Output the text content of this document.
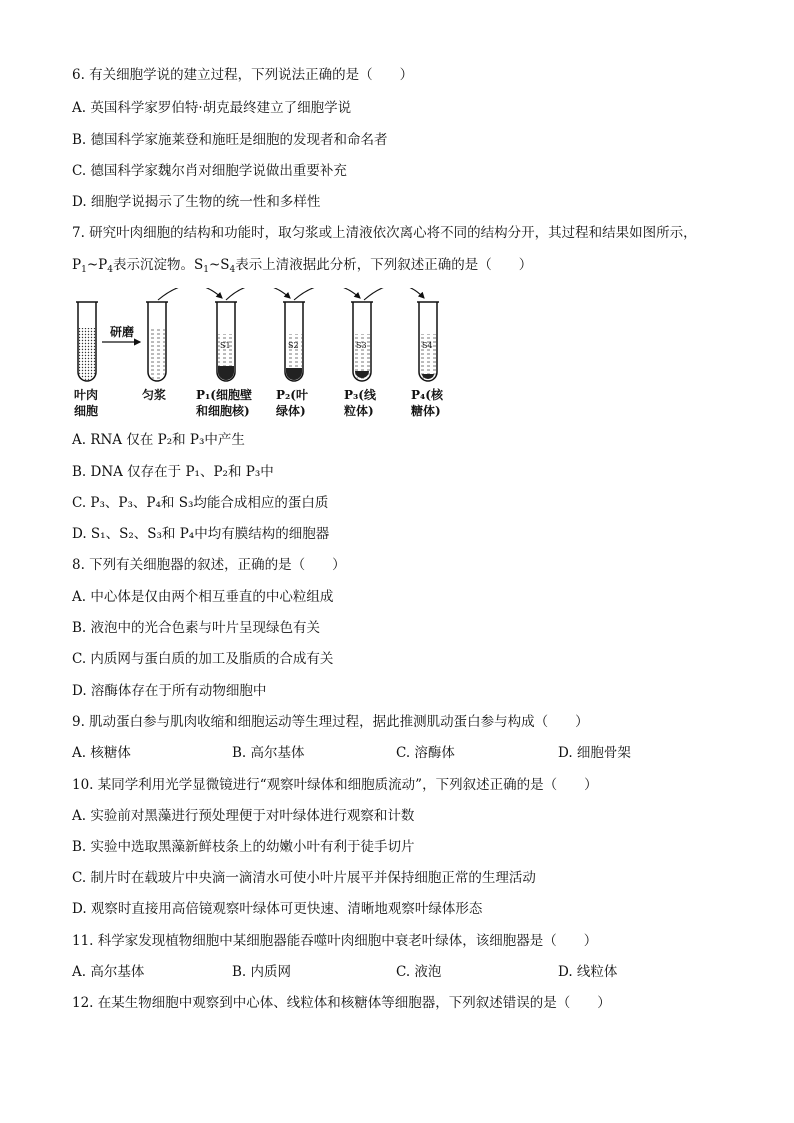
6. 有关细胞学说的建立过程，下列说法正确的是（　　）
A. 英国科学家罗伯特·胡克最终建立了细胞学说
B. 德国科学家施莱登和施旺是细胞的发现者和命名者
C. 德国科学家魏尔肖对细胞学说做出重要补充
D. 细胞学说揭示了生物的统一性和多样性
7. 研究叶肉细胞的结构和功能时，取匀浆或上清液依次离心将不同的结构分开，其过程和结果如图所示，
$P_1\sim P_4$表示沉淀物。$S_1\sim S_4$表示上清液据此分析，下列叙述正确的是（　　）
研磨
S1	S2	S3	S4
叶肉
细胞
匀浆 P₁(细胞壁
和细胞核)
P₂(叶
绿体)
P₃(线
粒体)
P₄(核
糖体)
A. RNA 仅在 P₂和 P₃中产生
B. DNA 仅存在于 P₁、P₂和 P₃中
C. P₃、P₃、P₄和 S₃均能合成相应的蛋白质
D. S₁、S₂、S₃和 P₄中均有膜结构的细胞器
8. 下列有关细胞器的叙述，正确的是（　　）
A. 中心体是仅由两个相互垂直的中心粒组成
B. 液泡中的光合色素与叶片呈现绿色有关
C. 内质网与蛋白质的加工及脂质的合成有关
D. 溶酶体存在于所有动物细胞中
9. 肌动蛋白参与肌肉收缩和细胞运动等生理过程，据此推测肌动蛋白参与构成（　　）
A. 核糖体	B. 高尔基体	C. 溶酶体	D. 细胞骨架
10. 某同学利用光学显微镜进行“观察叶绿体和细胞质流动”，下列叙述正确的是（　　）
A. 实验前对黑藻进行预处理便于对叶绿体进行观察和计数
B. 实验中选取黑藻新鲜枝条上的幼嫩小叶有利于徒手切片
C. 制片时在载玻片中央滴一滴清水可使小叶片展平并保持细胞正常的生理活动
D. 观察时直接用高倍镜观察叶绿体可更快速、清晰地观察叶绿体形态
11. 科学家发现植物细胞中某细胞器能吞噬叶肉细胞中衰老叶绿体，该细胞器是（　　）
A. 高尔基体	B. 内质网	C. 液泡	D. 线粒体
12. 在某生物细胞中观察到中心体、线粒体和核糖体等细胞器，下列叙述错误的是（　　）
